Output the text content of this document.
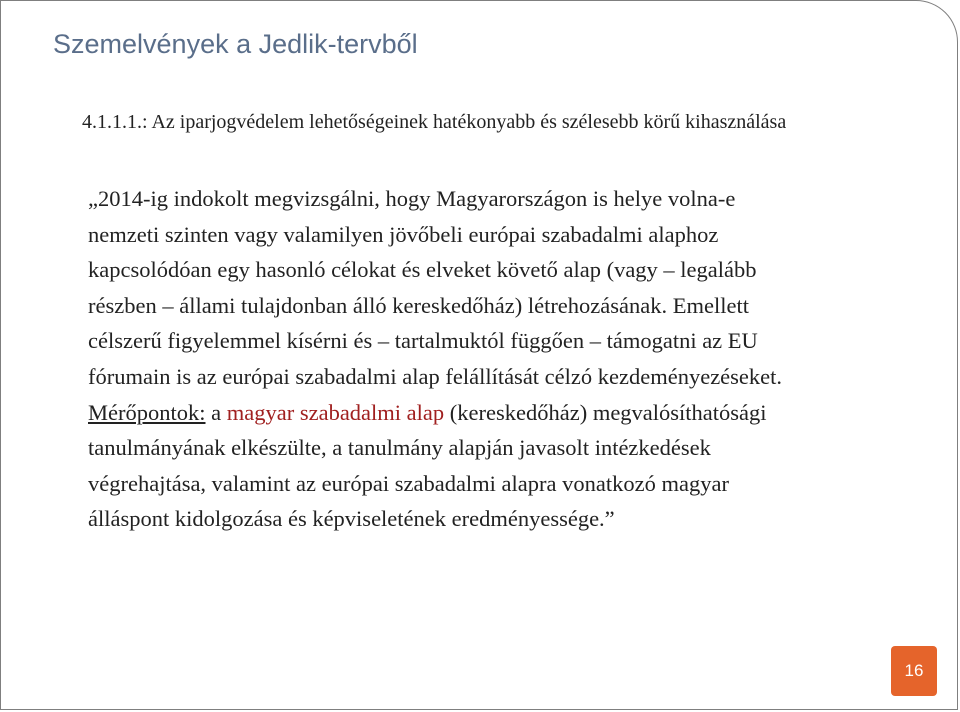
Szemelvények a Jedlik-tervből
4.1.1.1.: Az iparjogvédelem lehetőségeinek hatékonyabb és szélesebb körű kihasználása
„2014-ig indokolt megvizsgálni, hogy Magyarországon is helye volna-e
nemzeti szinten vagy valamilyen jövőbeli európai szabadalmi alaphoz
kapcsolódóan egy hasonló célokat és elveket követő alap (vagy – legalább
részben – állami tulajdonban álló kereskedőház) létrehozásának. Emellett
célszerű figyelemmel kísérni és – tartalmuktól függően – támogatni az EU
fórumain is az európai szabadalmi alap felállítását célzó kezdeményezéseket.
Mérőpontok: a magyar szabadalmi alap (kereskedőház) megvalósíthatósági
tanulmányának elkészülte, a tanulmány alapján javasolt intézkedések
végrehajtása, valamint az európai szabadalmi alapra vonatkozó magyar
álláspont kidolgozása és képviseletének eredményessége.”
16
